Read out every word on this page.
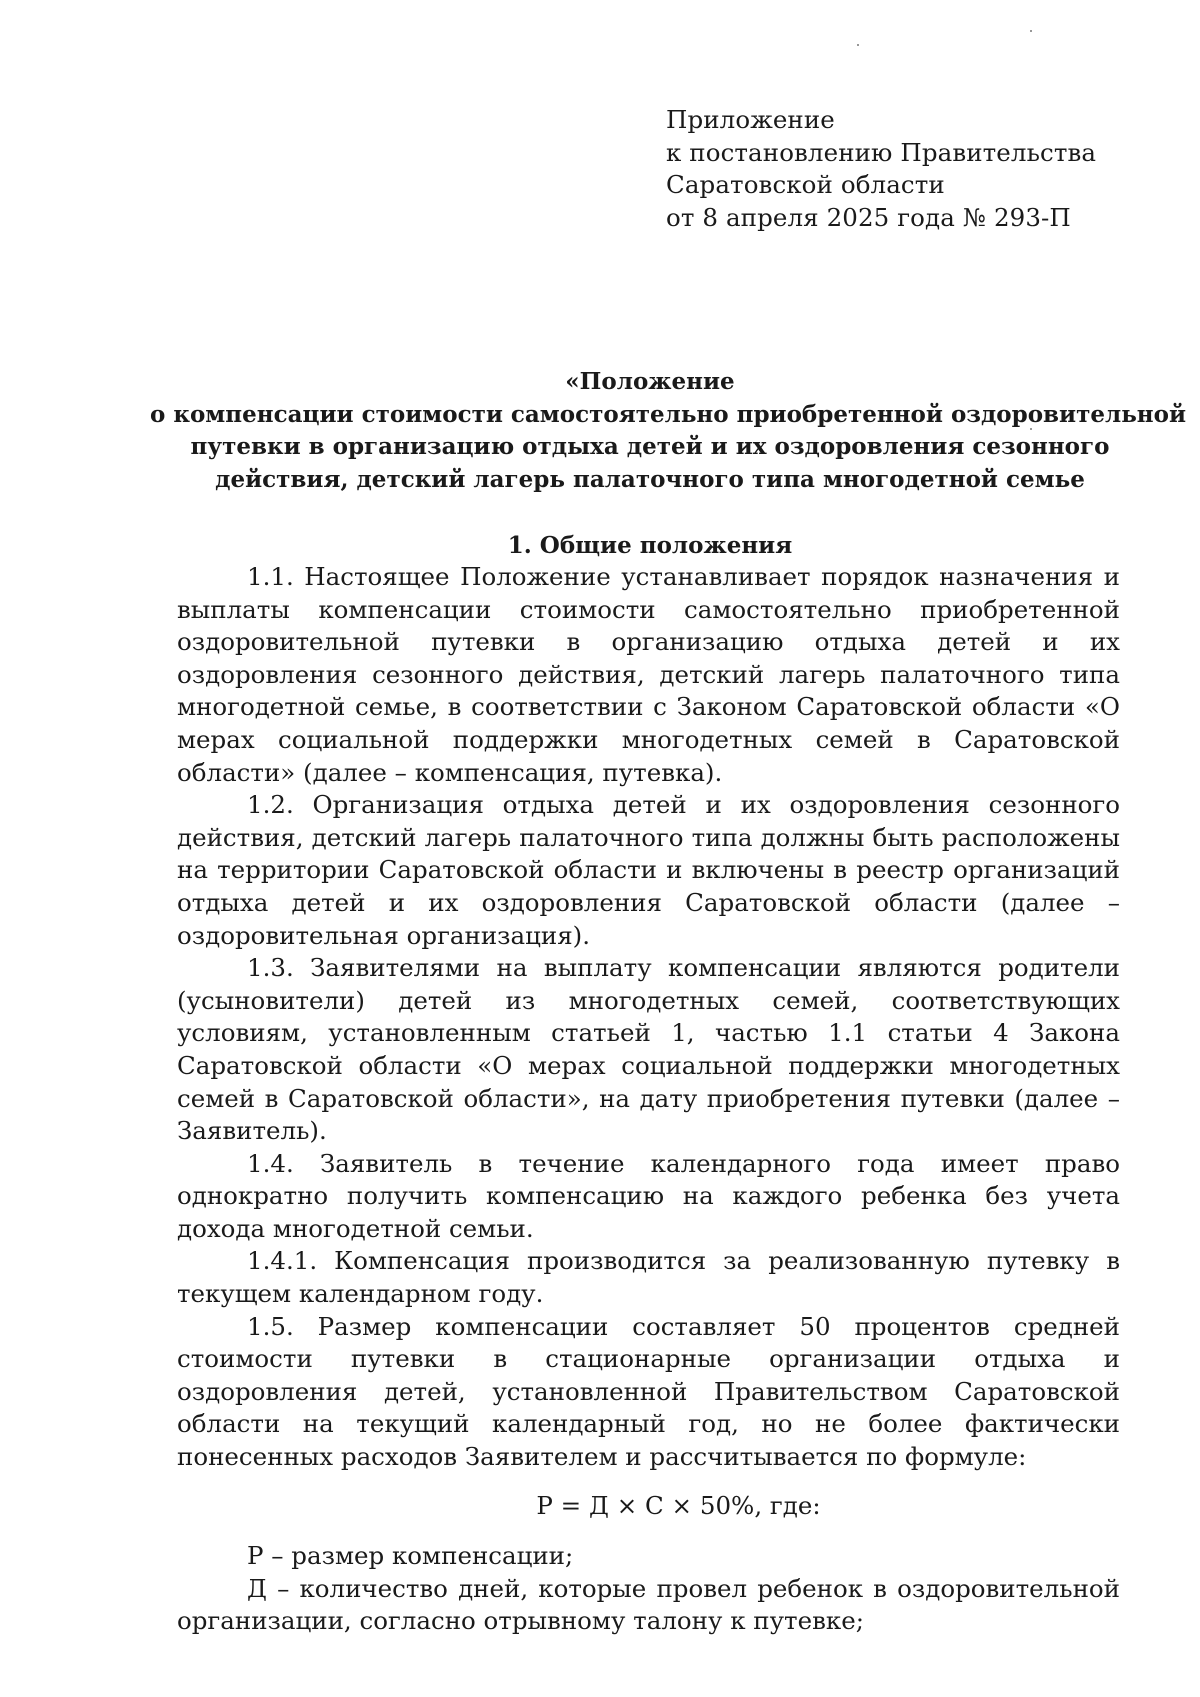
Приложение
к постановлению Правительства
Саратовской области
от 8 апреля 2025 года № 293-П
«Положение
о компенсации стоимости самостоятельно приобретенной оздоровительной
путевки в организацию отдыха детей и их оздоровления сезонного
действия, детский лагерь палаточного типа многодетной семье
1. Общие положения

1.1. Настоящее Положение устанавливает порядок назначения и выплаты компенсации стоимости самостоятельно приобретенной оздоровительной путевки в организацию отдыха детей и их оздоровления сезонного действия, детский лагерь палаточного типа многодетной семье, в соответствии с Законом Саратовской области «О мерах социальной поддержки многодетных семей в Саратовской области» (далее – компенсация, путевка).

1.2. Организация отдыха детей и их оздоровления сезонного действия, детский лагерь палаточного типа должны быть расположены на территории Саратовской области и включены в реестр организаций отдыха детей и их оздоровления Саратовской области (далее – оздоровительная организация).

1.3. Заявителями на выплату компенсации являются родители (усыновители) детей из многодетных семей, соответствующих условиям, установленным статьей 1, частью 1.1 статьи 4 Закона Саратовской области «О мерах социальной поддержки многодетных семей в Саратовской области», на дату приобретения путевки (далее – Заявитель).

1.4. Заявитель в течение календарного года имеет право однократно получить компенсацию на каждого ребенка без учета дохода многодетной семьи.

1.4.1. Компенсация производится за реализованную путевку в текущем календарном году.

1.5. Размер компенсации составляет 50 процентов средней стоимости путевки в стационарные организации отдыха и оздоровления детей, установленной Правительством Саратовской области на текущий календарный год, но не более фактически понесенных расходов Заявителем и рассчитывается по формуле:

Р = Д × С × 50%, где:

Р – размер компенсации;

Д – количество дней, которые провел ребенок в оздоровительной организации, согласно отрывному талону к путевке;
